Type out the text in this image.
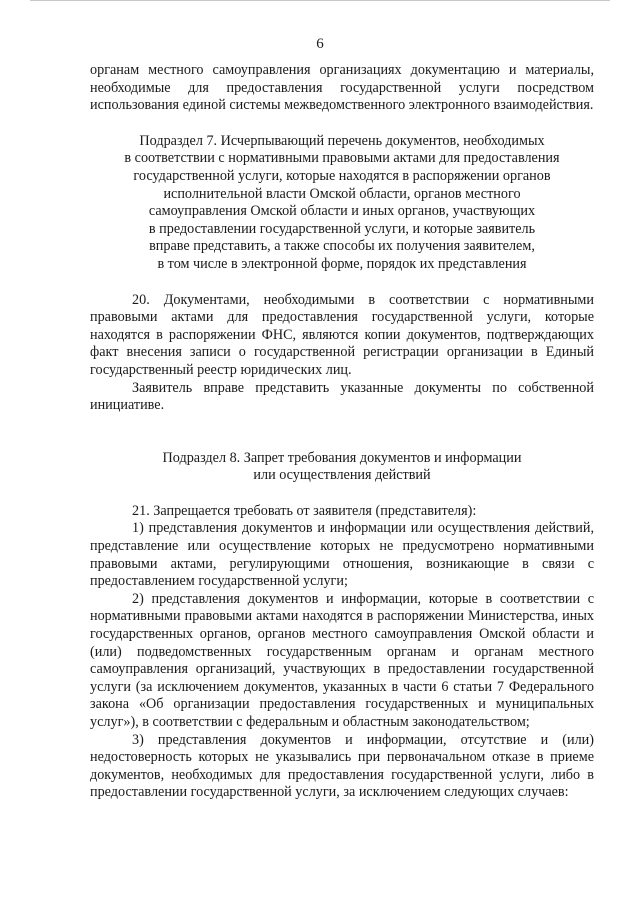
6

органам местного самоуправления организациях документацию и материалы, необходимые для предоставления государственной услуги посредством использования единой системы межведомственного электронного взаимодействия.

Подраздел 7. Исчерпывающий перечень документов, необходимых
в соответствии с нормативными правовыми актами для предоставления
государственной услуги, которые находятся в распоряжении органов
исполнительной власти Омской области, органов местного
самоуправления Омской области и иных органов, участвующих
в предоставлении государственной услуги, и которые заявитель
вправе представить, а также способы их получения заявителем,
в том числе в электронной форме, порядок их представления

20. Документами, необходимыми в соответствии с нормативными правовыми актами для предоставления государственной услуги, которые находятся в распоряжении ФНС, являются копии документов, подтверждающих факт внесения записи о государственной регистрации организации в Единый государственный реестр юридических лиц.

Заявитель вправе представить указанные документы по собственной инициативе.

Подраздел 8. Запрет требования документов и информации
или осуществления действий

21. Запрещается требовать от заявителя (представителя):

1) представления документов и информации или осуществления действий, представление или осуществление которых не предусмотрено нормативными правовыми актами, регулирующими отношения, возникающие в связи с предоставлением государственной услуги;

2) представления документов и информации, которые в соответствии с нормативными правовыми актами находятся в распоряжении Министерства, иных государственных органов, органов местного самоуправления Омской области и (или) подведомственных государственным органам и органам местного самоуправления организаций, участвующих в предоставлении государственной услуги (за исключением документов, указанных в части 6 статьи 7 Федерального закона «Об организации предоставления государственных и муниципальных услуг»), в соответствии с федеральным и областным законодательством;

3) представления документов и информации, отсутствие и (или) недостоверность которых не указывались при первоначальном отказе в приеме документов, необходимых для предоставления государственной услуги, либо в предоставлении государственной услуги, за исключением следующих случаев:
